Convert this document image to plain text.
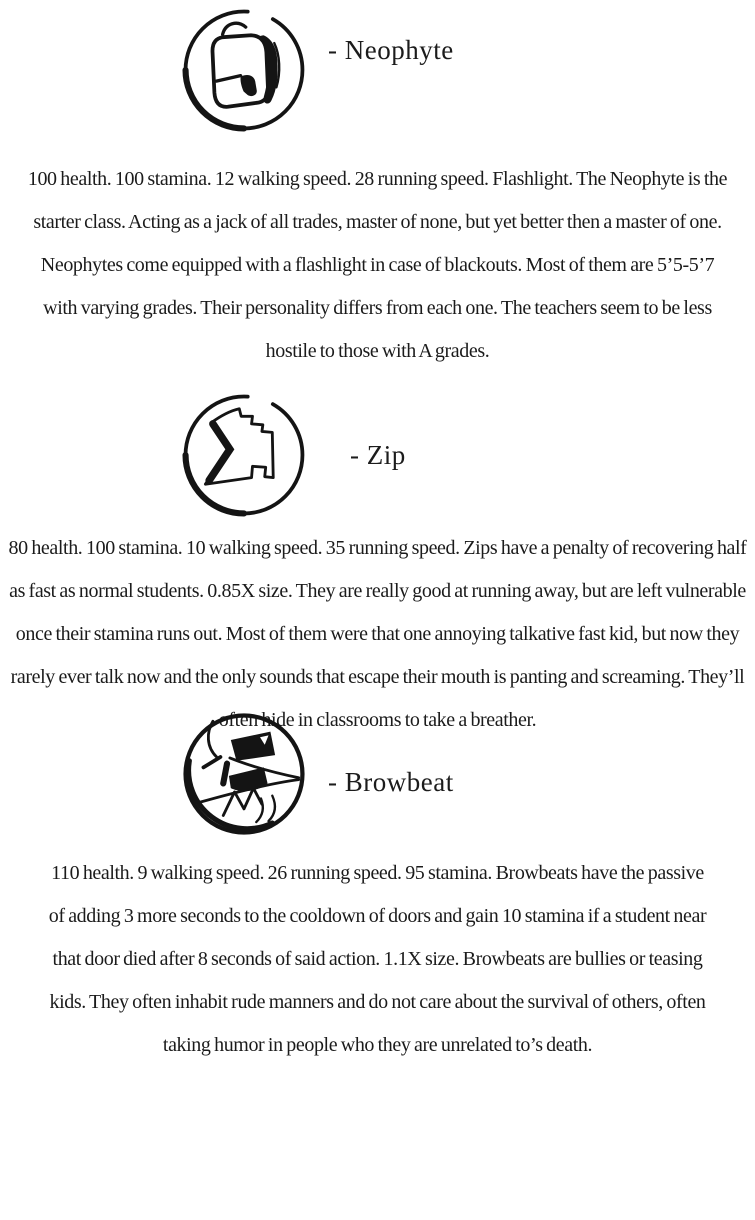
- Neophyte

100 health. 100 stamina. 12 walking speed. 28 running speed. Flashlight. The Neophyte is the starter class. Acting as a jack of all trades, master of none, but yet better then a master of one. Neophytes come equipped with a flashlight in case of blackouts. Most of them are 5’5-5’7 with varying grades. Their personality differs from each one. The teachers seem to be less hostile to those with A grades.

- Zip

80 health. 100 stamina. 10 walking speed. 35 running speed. Zips have a penalty of recovering half as fast as normal students. 0.85X size. They are really good at running away, but are left vulnerable once their stamina runs out. Most of them were that one annoying talkative fast kid, but now they rarely ever talk now and the only sounds that escape their mouth is panting and screaming. They’ll often hide in classrooms to take a breather.

- Browbeat

110 health. 9 walking speed. 26 running speed. 95 stamina. Browbeats have the passive of adding 3 more seconds to the cooldown of doors and gain 10 stamina if a student near that door died after 8 seconds of said action. 1.1X size. Browbeats are bullies or teasing kids. They often inhabit rude manners and do not care about the survival of others, often taking humor in people who they are unrelated to’s death.
